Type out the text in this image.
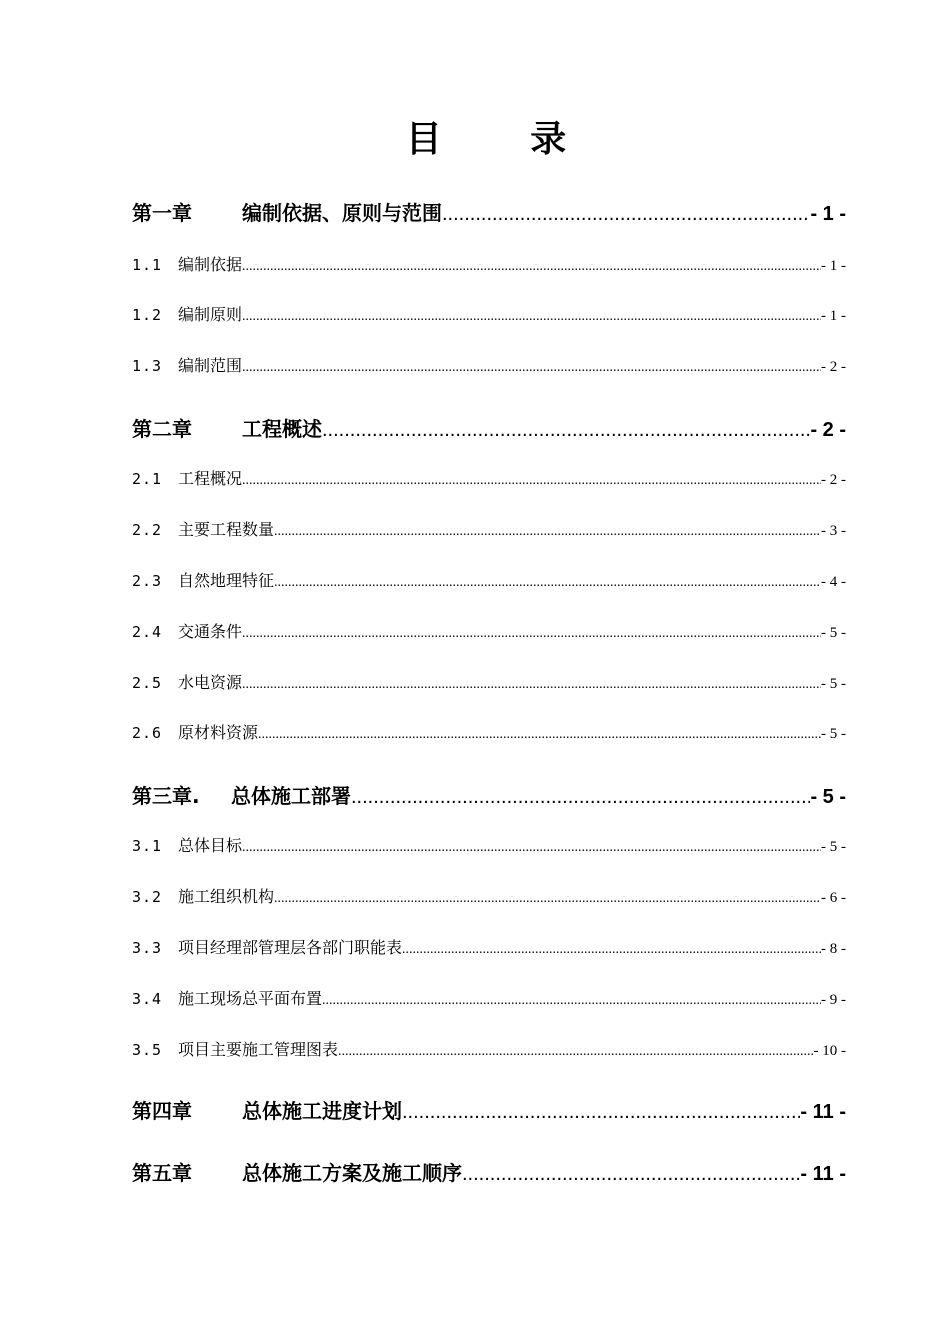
目 录
第一章	编制依据、原则与范围 .....	- 1 -
1.1 编制依据 .....	- 1 -
1.2 编制原则 .....	- 1 -
1.3 编制范围 .....	- 2 -
第二章	工程概述 .....	- 2 -
2.1 工程概况 .....	- 2 -
2.2 主要工程数量 .....	- 3 -
2.3 自然地理特征 .....	- 4 -
2.4 交通条件 .....	- 5 -
2.5 水电资源 .....	- 5 -
2.6 原材料资源 .....	- 5 -
第三章.	总体施工部署 .....	- 5 -
3.1 总体目标 .....	- 5 -
3.2 施工组织机构 .....	- 6 -
3.3 项目经理部管理层各部门职能表 .....	- 8 -
3.4 施工现场总平面布置 .....	- 9 -
3.5 项目主要施工管理图表 .....	- 10 -
第四章	总体施工进度计划 .....	- 11 -
第五章	总体施工方案及施工顺序 .....	- 11 -
